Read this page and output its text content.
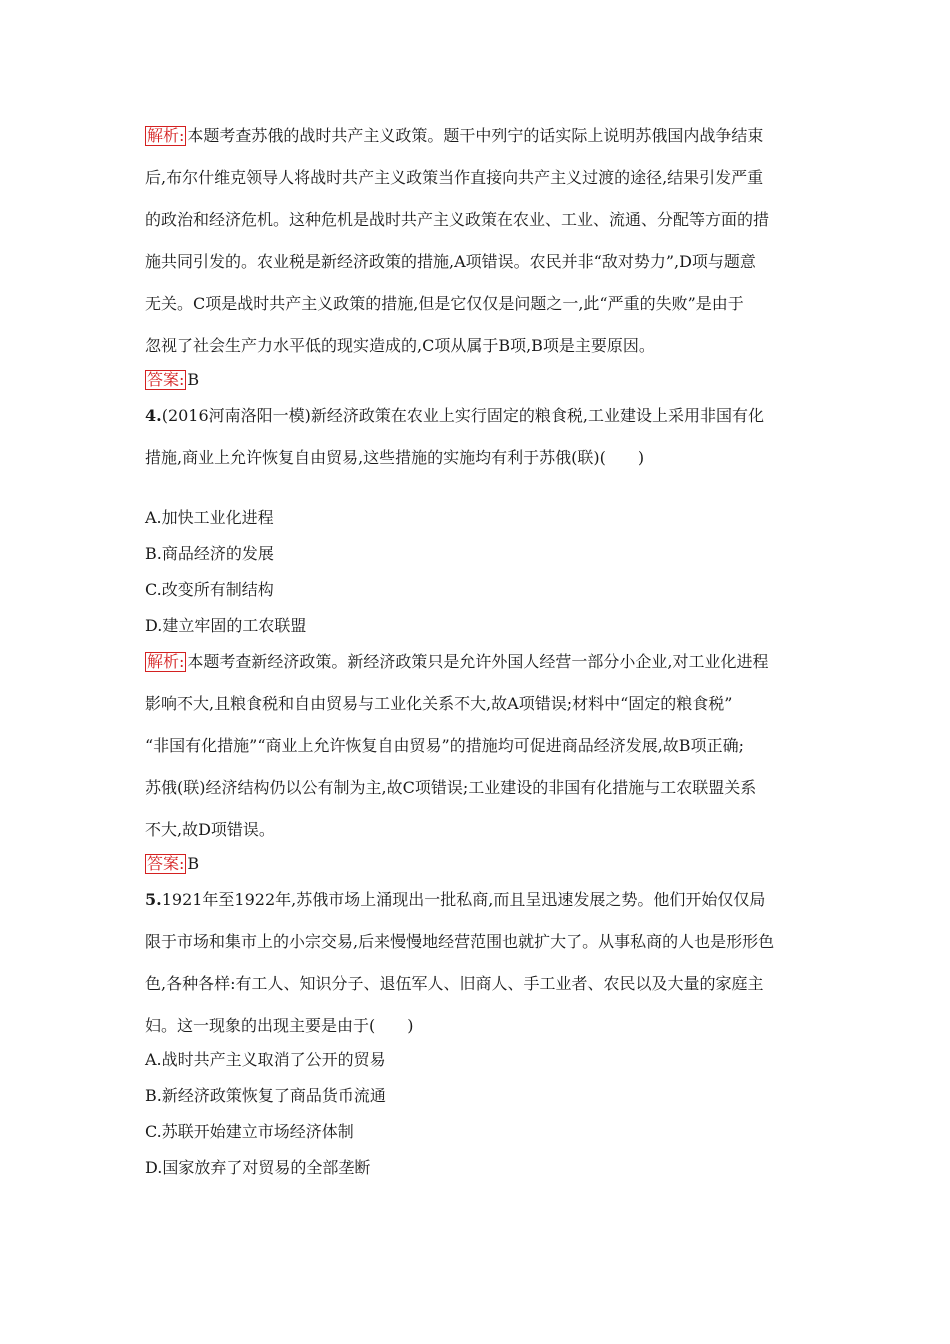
解析: 本题考查苏俄的战时共产主义政策。题干中列宁的话实际上说明苏俄国内战争结束
后,布尔什维克领导人将战时共产主义政策当作直接向共产主义过渡的途径,结果引发严重
的政治和经济危机。这种危机是战时共产主义政策在农业、工业、流通、分配等方面的措
施共同引发的。农业税是新经济政策的措施,A项错误。农民并非“敌对势力”,D项与题意
无关。C项是战时共产主义政策的措施,但是它仅仅是问题之一,此“严重的失败”是由于
忽视了社会生产力水平低的现实造成的,C项从属于B项,B项是主要原因。
答案: B
4.(2016河南洛阳一模)新经济政策在农业上实行固定的粮食税,工业建设上采用非国有化
措施,商业上允许恢复自由贸易,这些措施的实施均有利于苏俄(联)(　　)
A.加快工业化进程
B.商品经济的发展
C.改变所有制结构
D.建立牢固的工农联盟
解析: 本题考查新经济政策。新经济政策只是允许外国人经营一部分小企业,对工业化进程
影响不大,且粮食税和自由贸易与工业化关系不大,故A项错误;材料中“固定的粮食税”
“非国有化措施”“商业上允许恢复自由贸易”的措施均可促进商品经济发展,故B项正确;
苏俄(联)经济结构仍以公有制为主,故C项错误;工业建设的非国有化措施与工农联盟关系
不大,故D项错误。
答案: B
5.1921年至1922年,苏俄市场上涌现出一批私商,而且呈迅速发展之势。他们开始仅仅局
限于市场和集市上的小宗交易,后来慢慢地经营范围也就扩大了。从事私商的人也是形形色
色,各种各样:有工人、知识分子、退伍军人、旧商人、手工业者、农民以及大量的家庭主
妇。这一现象的出现主要是由于(　　)
A.战时共产主义取消了公开的贸易
B.新经济政策恢复了商品货币流通
C.苏联开始建立市场经济体制
D.国家放弃了对贸易的全部垄断
